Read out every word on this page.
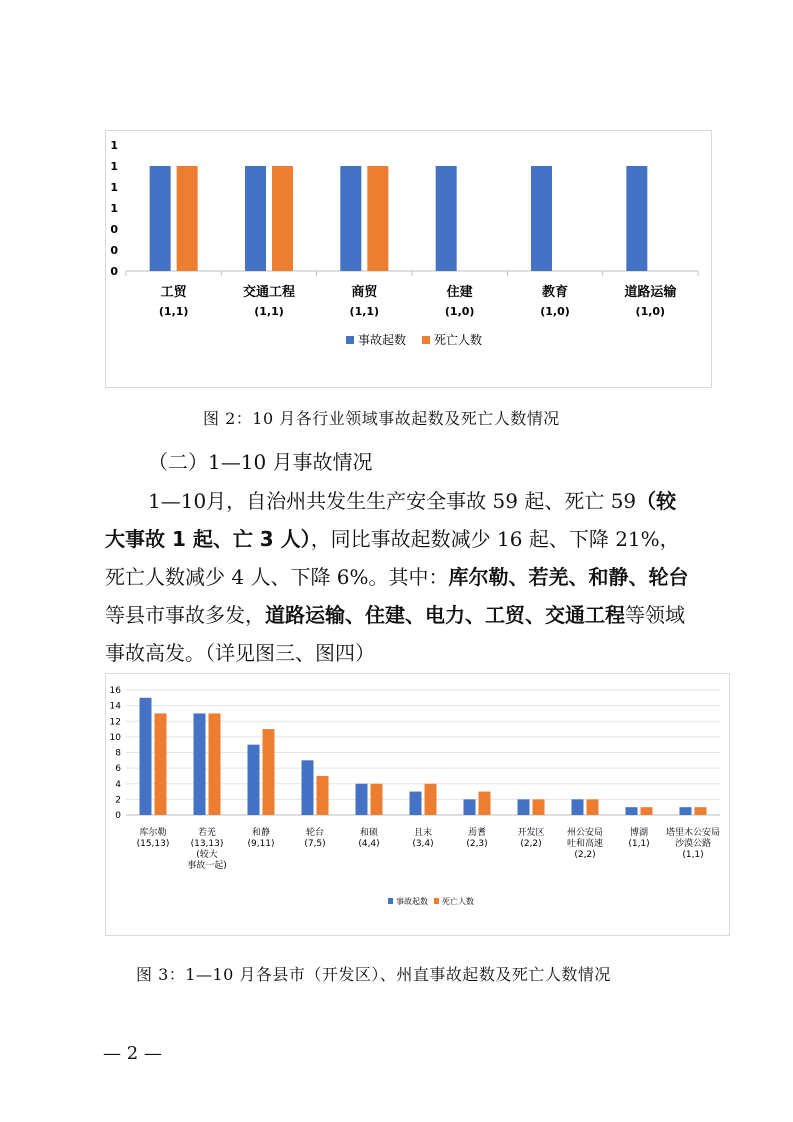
0
0
0
1
1
1
1
工贸
(1,1)
交通工程
(1,1)
商贸
(1,1)
住建
(1,0)
教育
(1,0)
道路运输
(1,0)
事故起数 死亡人数
图 2：10 月各行业领域事故起数及死亡人数情况
（二）1—10 月事故情况

1—10月，自治州共发生生产安全事故 59 起、死亡 59（较

大事故 1 起、亡 3 人），同比事故起数减少 16 起、下降 21%，

死亡人数减少 4 人、下降 6%。其中：库尔勒、若羌、和静、轮台

等县市事故多发，道路运输、住建、电力、工贸、交通工程等领域

事故高发。（详见图三、图四）

0
2
4
6
8
10
12
14
16
库尔勒
(15,13)
若羌
(13,13)
(较大
事故一起)
和静
(9,11)
轮台
(7,5)
和硕
(4,4)
且末
(3,4)
焉耆
(2,3)
开发区
(2,2)
州公安局
吐和高速
(2,2)
博湖
(1,1)
塔里木公安局
沙漠公路
(1,1)
事故起数 死亡人数
图 3：1—10 月各县市（开发区）、州直事故起数及死亡人数情况
— 2 —
